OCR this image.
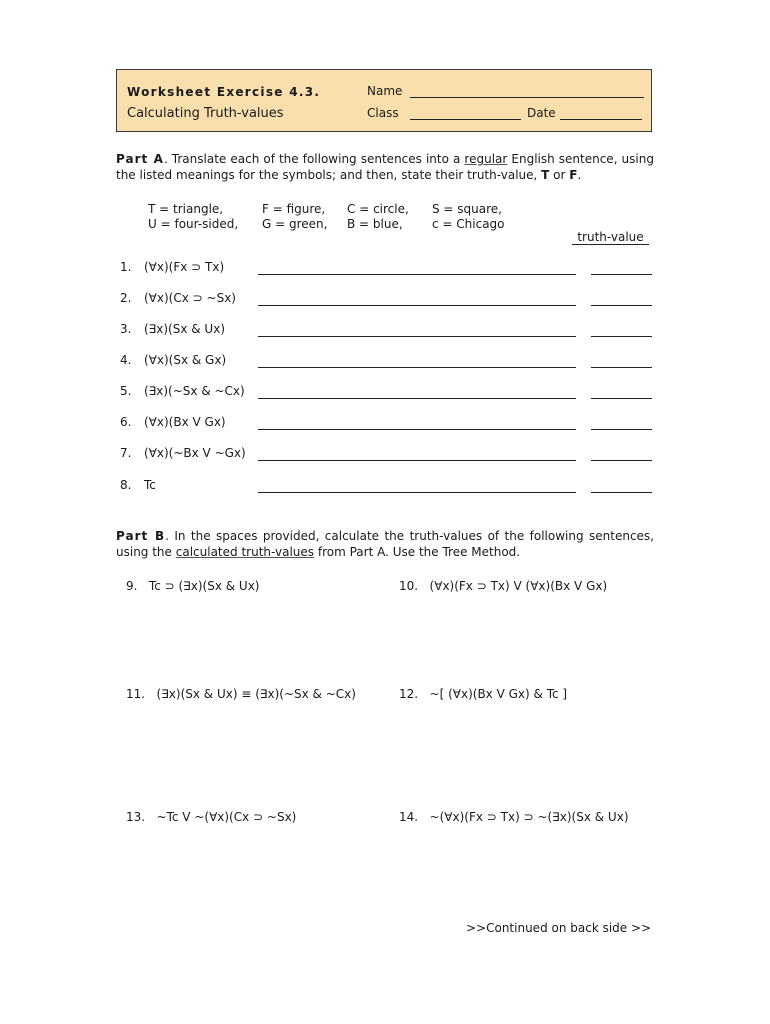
Worksheet Exercise 4.3.
Calculating Truth-values
Name
Class	Date
Part A. Translate each of the following sentences into a regular English sentence, using the listed meanings for the symbols; and then, state their truth-value, T or F.
T = triangle,	F = figure, C = circle, S = square,
U = four-sided, G = green, B = blue, c = Chicago
truth-value
1. (∀x)(Fx ⊃ Tx)
2. (∀x)(Cx ⊃ ~Sx)
3. (∃x)(Sx & Ux)
4. (∀x)(Sx & Gx)
5. (∃x)(~Sx & ~Cx)
6. (∀x)(Bx V Gx)
7. (∀x)(~Bx V ~Gx)
8. Tc
Part B. In the spaces provided, calculate the truth-values of the following sentences, using the calculated truth-values from Part A. Use the Tree Method.
9. Tc ⊃ (∃x)(Sx & Ux)	10. (∀x)(Fx ⊃ Tx) V (∀x)(Bx V Gx)
11. (∃x)(Sx & Ux) ≡ (∃x)(~Sx & ~Cx)	12. ~[ (∀x)(Bx V Gx) & Tc ]
13. ~Tc V ~(∀x)(Cx ⊃ ~Sx)	14. ~(∀x)(Fx ⊃ Tx) ⊃ ~(∃x)(Sx & Ux)
>>Continued on back side >>
